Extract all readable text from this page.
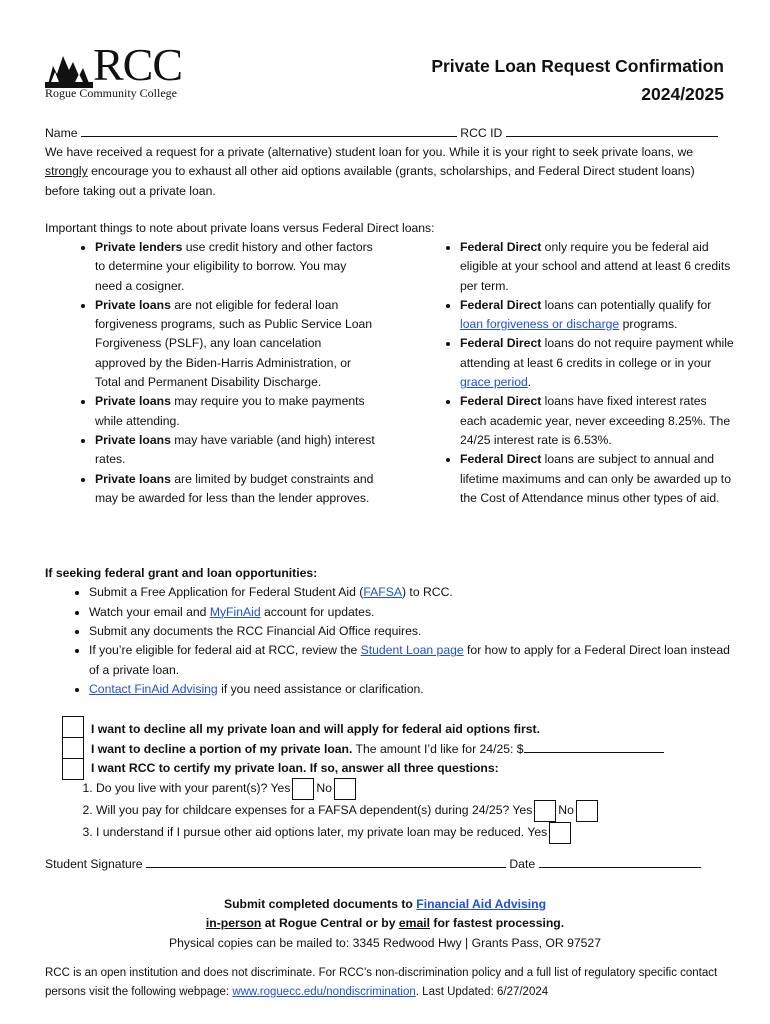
RCC
Rogue Community College
Private Loan Request Confirmation
2024/2025
Name	RCC ID
We have received a request for a private (alternative) student loan for you. While it is your right to seek private loans, we strongly encourage you to exhaust all other aid options available (grants, scholarships, and Federal Direct student loans) before taking out a private loan.
Important things to note about private loans versus Federal Direct loans:
• Private lenders use credit history and other factors to determine your eligibility to borrow. You may need a cosigner.
• Private loans are not eligible for federal loan forgiveness programs, such as Public Service Loan Forgiveness (PSLF), any loan cancelation approved by the Biden-Harris Administration, or Total and Permanent Disability Discharge.
• Private loans may require you to make payments while attending.
• Private loans may have variable (and high) interest rates.
• Private loans are limited by budget constraints and may be awarded for less than the lender approves.
• Federal Direct only require you be federal aid eligible at your school and attend at least 6 credits per term.
• Federal Direct loans can potentially qualify for loan forgiveness or discharge programs.
• Federal Direct loans do not require payment while attending at least 6 credits in college or in your grace period.
• Federal Direct loans have fixed interest rates each academic year, never exceeding 8.25%. The 24/25 interest rate is 6.53%.
• Federal Direct loans are subject to annual and lifetime maximums and can only be awarded up to the Cost of Attendance minus other types of aid.
If seeking federal grant and loan opportunities:
• Submit a Free Application for Federal Student Aid (FAFSA) to RCC.
• Watch your email and MyFinAid account for updates.
• Submit any documents the RCC Financial Aid Office requires.
• If you’re eligible for federal aid at RCC, review the Student Loan page for how to apply for a Federal Direct loan instead of a private loan.
• Contact FinAid Advising if you need assistance or clarification.
I want to decline all my private loan and will apply for federal aid options first.
I want to decline a portion of my private loan. The amount I’d like for 24/25: $
I want RCC to certify my private loan. If so, answer all three questions:
1. Do you live with your parent(s)? Yes No
2. Will you pay for childcare expenses for a FAFSA dependent(s) during 24/25? Yes No
3. I understand if I pursue other aid options later, my private loan may be reduced. Yes
Student Signature	Date
Submit completed documents to Financial Aid Advising
in-person at Rogue Central or by email for fastest processing.
Physical copies can be mailed to: 3345 Redwood Hwy | Grants Pass, OR 97527
RCC is an open institution and does not discriminate. For RCC’s non-discrimination policy and a full list of regulatory specific contact persons visit the following webpage: www.roguecc.edu/nondiscrimination. Last Updated: 6/27/2024
